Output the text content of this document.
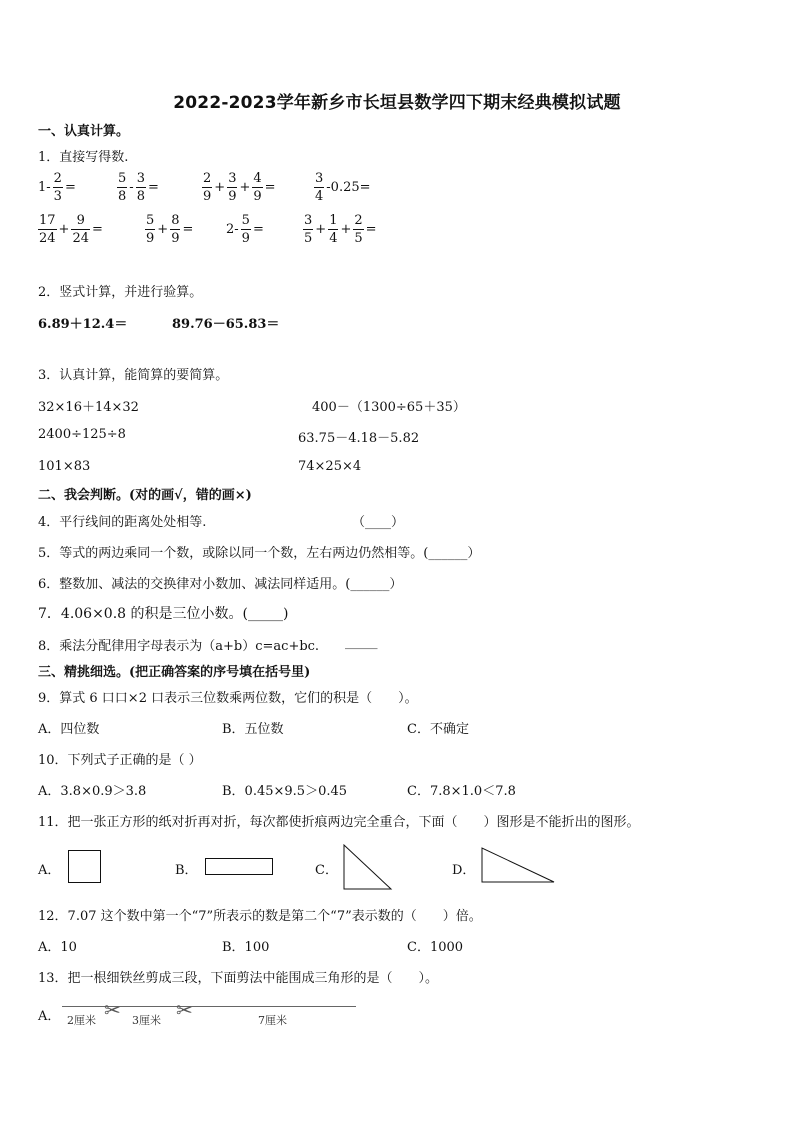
2022-2023学年新乡市长垣县数学四下期末经典模拟试题
一、认真计算。
1．直接写得数.
$1- \frac{2}{3}$ =	$\frac{5}{8} - \frac{3}{8}$ =	$\frac{2}{9} + \frac{3}{9} + \frac{4}{9}$ =	$\frac{3}{4} -0.25=$
$\frac{17}{24} + \frac{9}{24}$ =	$\frac{5}{9} + \frac{8}{9}$ =	$2- \frac{5}{9}$ =	$\frac{3}{5} + \frac{1}{4} + \frac{2}{5}$ =
2．竖式计算，并进行验算。
6.89＋12.4＝	89.76－65.83＝
3．认真计算，能简算的要简算。
32×16＋14×32	400－（1300÷65＋35）
2400÷125÷8	63.75－4.18－5.82
101×83	74×25×4
二、我会判断。(对的画√，错的画×)
4．平行线间的距离处处相等.	（____）
5．等式的两边乘同一个数，或除以同一个数，左右两边仍然相等。(______）
6．整数加、减法的交换律对小数加、减法同样适用。(______）
7．4.06×0.8 的积是三位小数。(_____)
8．乘法分配律用字母表示为（a+b）c=ac+bc. _____
三、精挑细选。(把正确答案的序号填在括号里)
9．算式 6 口口×2 口表示三位数乘两位数，它们的积是（　　）。
A．四位数	B．五位数	C．不确定
10．下列式子正确的是（ ）
A．3.8×0.9＞3.8	B．0.45×9.5＞0.45	C．7.8×1.0＜7.8
11．把一张正方形的纸对折再对折，每次都使折痕两边完全重合，下面（　　）图形是不能折出的图形。
A．	B．	C．	D．
12．7.07 这个数中第一个“7”所表示的数是第二个“7”表示数的（　　）倍。
A．10	B．100	C．1000
13．把一根细铁丝剪成三段，下面剪法中能围成三角形的是（　　）。
A． ✂	✂
2厘米	3厘米	7厘米
